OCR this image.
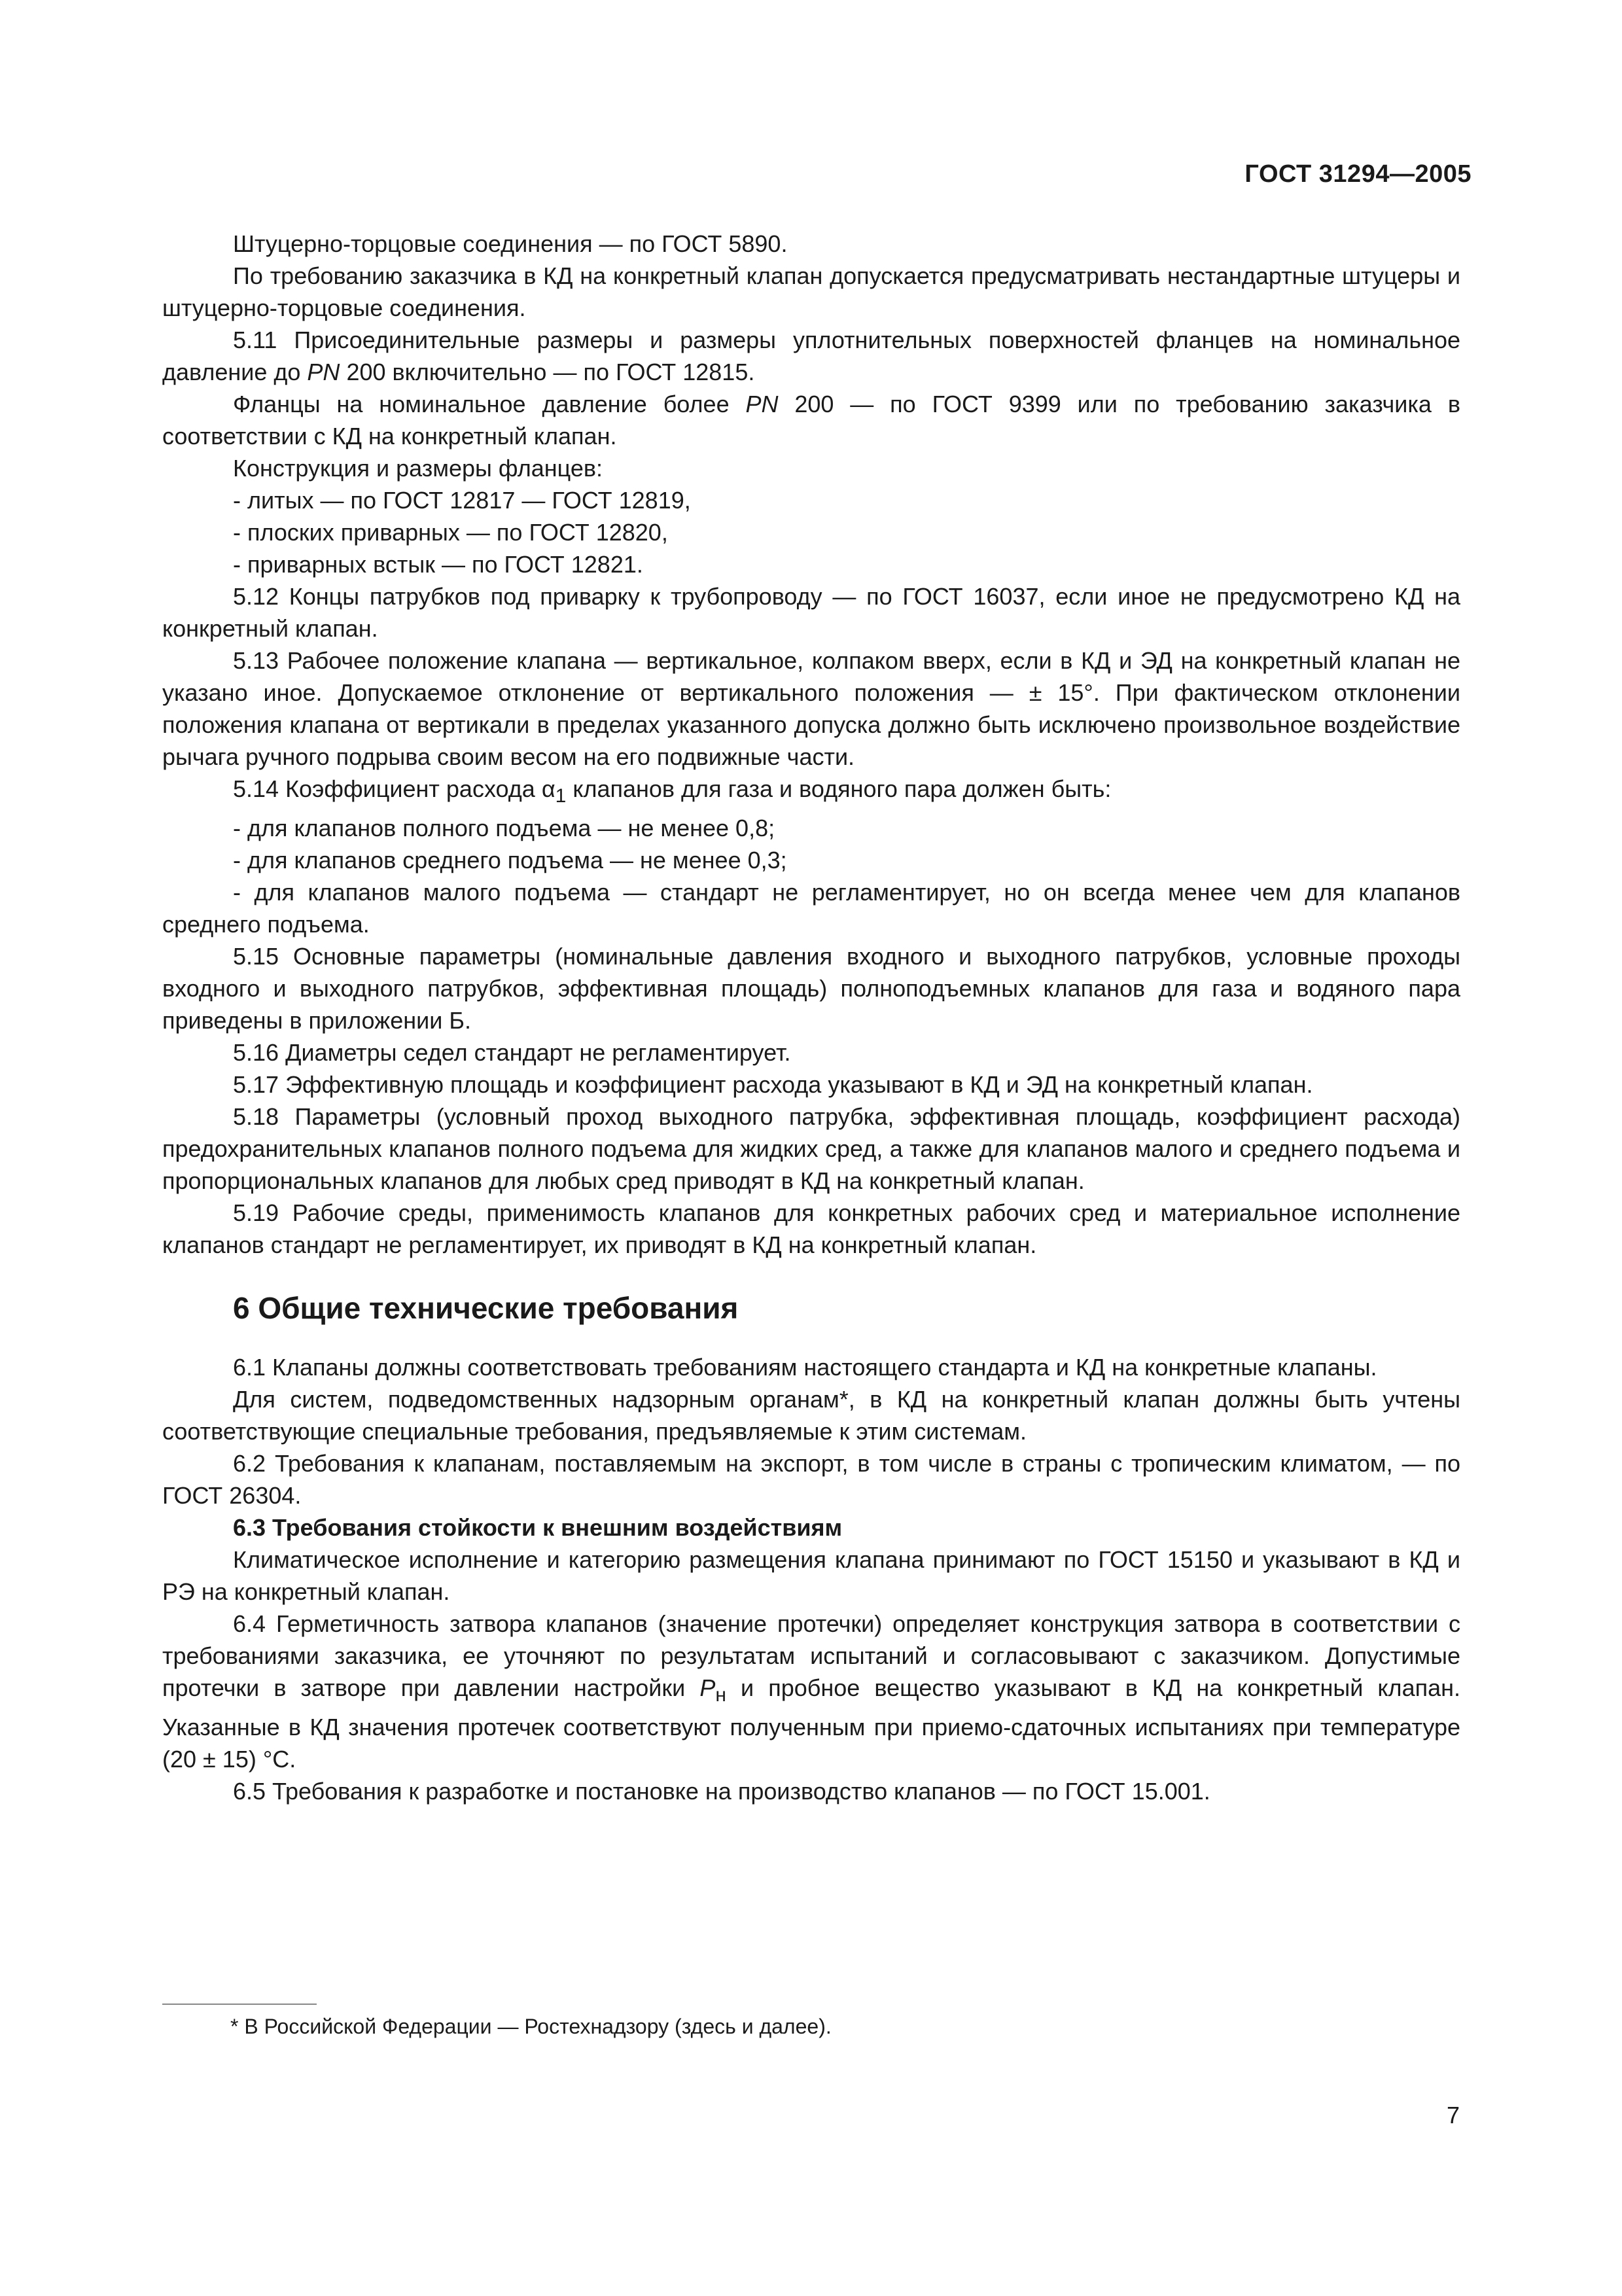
ГОСТ 31294—2005

Штуцерно-торцовые соединения — по ГОСТ 5890.

По требованию заказчика в КД на конкретный клапан допускается предусматривать нестандартные штуцеры и штуцерно-торцовые соединения.

5.11 Присоединительные размеры и размеры уплотнительных поверхностей фланцев на номинальное давление до PN 200 включительно — по ГОСТ 12815.

Фланцы на номинальное давление более PN 200 — по ГОСТ 9399 или по требованию заказчика в соответствии с КД на конкретный клапан.

Конструкция и размеры фланцев:

- литых — по ГОСТ 12817 — ГОСТ 12819,

- плоских приварных — по ГОСТ 12820,

- приварных встык — по ГОСТ 12821.

5.12 Концы патрубков под приварку к трубопроводу — по ГОСТ 16037, если иное не предусмотрено КД на конкретный клапан.

5.13 Рабочее положение клапана — вертикальное, колпаком вверх, если в КД и ЭД на конкретный клапан не указано иное. Допускаемое отклонение от вертикального положения — ± 15°. При фактическом отклонении положения клапана от вертикали в пределах указанного допуска должно быть исключено произвольное воздействие рычага ручного подрыва своим весом на его подвижные части.

5.14 Коэффициент расхода $\alpha_1$ клапанов для газа и водяного пара должен быть:

- для клапанов полного подъема — не менее 0,8;

- для клапанов среднего подъема — не менее 0,3;

- для клапанов малого подъема — стандарт не регламентирует, но он всегда менее чем для клапанов среднего подъема.

5.15 Основные параметры (номинальные давления входного и выходного патрубков, условные проходы входного и выходного патрубков, эффективная площадь) полноподъемных клапанов для газа и водяного пара приведены в приложении Б.

5.16 Диаметры седел стандарт не регламентирует.

5.17 Эффективную площадь и коэффициент расхода указывают в КД и ЭД на конкретный клапан.

5.18 Параметры (условный проход выходного патрубка, эффективная площадь, коэффициент расхода) предохранительных клапанов полного подъема для жидких сред, а также для клапанов малого и среднего подъема и пропорциональных клапанов для любых сред приводят в КД на конкретный клапан.

5.19 Рабочие среды, применимость клапанов для конкретных рабочих сред и материальное исполнение клапанов стандарт не регламентирует, их приводят в КД на конкретный клапан.

6 Общие технические требования

6.1 Клапаны должны соответствовать требованиям настоящего стандарта и КД на конкретные клапаны.

Для систем, подведомственных надзорным органам*, в КД на конкретный клапан должны быть учтены соответствующие специальные требования, предъявляемые к этим системам.

6.2 Требования к клапанам, поставляемым на экспорт, в том числе в страны с тропическим климатом, — по ГОСТ 26304.

6.3 Требования стойкости к внешним воздействиям

Климатическое исполнение и категорию размещения клапана принимают по ГОСТ 15150 и указывают в КД и РЭ на конкретный клапан.

6.4 Герметичность затвора клапанов (значение протечки) определяет конструкция затвора в соответствии с требованиями заказчика, ее уточняют по результатам испытаний и согласовывают с заказчиком. Допустимые протечки в затворе при давлении настройки $P_н$ и пробное вещество указывают в КД на конкретный клапан. Указанные в КД значения протечек соответствуют полученным при приемо-сдаточных испытаниях при температуре (20 ± 15) °С.

6.5 Требования к разработке и постановке на производство клапанов — по ГОСТ 15.001.

* В Российской Федерации — Ростехнадзору (здесь и далее).
7
